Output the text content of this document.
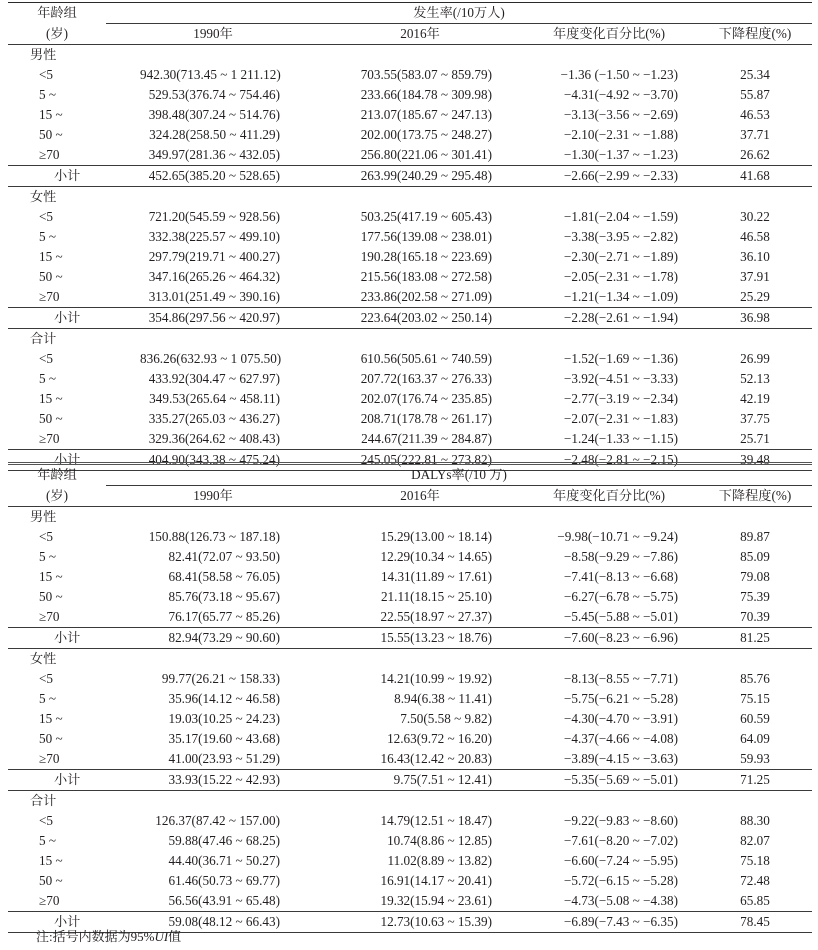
年龄组	发生率(/10万人)			
(岁)	1990年	2016年	年度变化百分比(%)	下降程度(%)
男性				
<5	942.30(713.45 ~ 1 211.12)	703.55(583.07 ~ 859.79)	−1.36 (−1.50 ~ −1.23)	25.34
5 ~	529.53(376.74 ~ 754.46)	233.66(184.78 ~ 309.98)	−4.31(−4.92 ~ −3.70)	55.87
15 ~	398.48(307.24 ~ 514.76)	213.07(185.67 ~ 247.13)	−3.13(−3.56 ~ −2.69)	46.53
50 ~	324.28(258.50 ~ 411.29)	202.00(173.75 ~ 248.27)	−2.10(−2.31 ~ −1.88)	37.71
≥70	349.97(281.36 ~ 432.05)	256.80(221.06 ~ 301.41)	−1.30(−1.37 ~ −1.23)	26.62
小计	452.65(385.20 ~ 528.65)	263.99(240.29 ~ 295.48)	−2.66(−2.99 ~ −2.33)	41.68
女性				
<5	721.20(545.59 ~ 928.56)	503.25(417.19 ~ 605.43)	−1.81(−2.04 ~ −1.59)	30.22
5 ~	332.38(225.57 ~ 499.10)	177.56(139.08 ~ 238.01)	−3.38(−3.95 ~ −2.82)	46.58
15 ~	297.79(219.71 ~ 400.27)	190.28(165.18 ~ 223.69)	−2.30(−2.71 ~ −1.89)	36.10
50 ~	347.16(265.26 ~ 464.32)	215.56(183.08 ~ 272.58)	−2.05(−2.31 ~ −1.78)	37.91
≥70	313.01(251.49 ~ 390.16)	233.86(202.58 ~ 271.09)	−1.21(−1.34 ~ −1.09)	25.29
小计	354.86(297.56 ~ 420.97)	223.64(203.02 ~ 250.14)	−2.28(−2.61 ~ −1.94)	36.98
合计				
<5	836.26(632.93 ~ 1 075.50)	610.56(505.61 ~ 740.59)	−1.52(−1.69 ~ −1.36)	26.99
5 ~	433.92(304.47 ~ 627.97)	207.72(163.37 ~ 276.33)	−3.92(−4.51 ~ −3.33)	52.13
15 ~	349.53(265.64 ~ 458.11)	202.07(176.74 ~ 235.85)	−2.77(−3.19 ~ −2.34)	42.19
50 ~	335.27(265.03 ~ 436.27)	208.71(178.78 ~ 261.17)	−2.07(−2.31 ~ −1.83)	37.75
≥70	329.36(264.62 ~ 408.43)	244.67(211.39 ~ 284.87)	−1.24(−1.33 ~ −1.15)	25.71
小计	404.90(343.38 ~ 475.24)	245.05(222.81 ~ 273.82)	−2.48(−2.81 ~ −2.15)	39.48
年龄组	DALYs率(/10 万)			
(岁)	1990年	2016年	年度变化百分比(%)	下降程度(%)
男性				
<5	150.88(126.73 ~ 187.18)	15.29(13.00 ~ 18.14)	−9.98(−10.71 ~ −9.24)	89.87
5 ~	82.41(72.07 ~ 93.50)	12.29(10.34 ~ 14.65)	−8.58(−9.29 ~ −7.86)	85.09
15 ~	68.41(58.58 ~ 76.05)	14.31(11.89 ~ 17.61)	−7.41(−8.13 ~ −6.68)	79.08
50 ~	85.76(73.18 ~ 95.67)	21.11(18.15 ~ 25.10)	−6.27(−6.78 ~ −5.75)	75.39
≥70	76.17(65.77 ~ 85.26)	22.55(18.97 ~ 27.37)	−5.45(−5.88 ~ −5.01)	70.39
小计	82.94(73.29 ~ 90.60)	15.55(13.23 ~ 18.76)	−7.60(−8.23 ~ −6.96)	81.25
女性				
<5	99.77(26.21 ~ 158.33)	14.21(10.99 ~ 19.92)	−8.13(−8.55 ~ −7.71)	85.76
5 ~	35.96(14.12 ~ 46.58)	8.94(6.38 ~ 11.41)	−5.75(−6.21 ~ −5.28)	75.15
15 ~	19.03(10.25 ~ 24.23)	7.50(5.58 ~ 9.82)	−4.30(−4.70 ~ −3.91)	60.59
50 ~	35.17(19.60 ~ 43.68)	12.63(9.72 ~ 16.20)	−4.37(−4.66 ~ −4.08)	64.09
≥70	41.00(23.93 ~ 51.29)	16.43(12.42 ~ 20.83)	−3.89(−4.15 ~ −3.63)	59.93
小计	33.93(15.22 ~ 42.93)	9.75(7.51 ~ 12.41)	−5.35(−5.69 ~ −5.01)	71.25
合计				
<5	126.37(87.42 ~ 157.00)	14.79(12.51 ~ 18.47)	−9.22(−9.83 ~ −8.60)	88.30
5 ~	59.88(47.46 ~ 68.25)	10.74(8.86 ~ 12.85)	−7.61(−8.20 ~ −7.02)	82.07
15 ~	44.40(36.71 ~ 50.27)	11.02(8.89 ~ 13.82)	−6.60(−7.24 ~ −5.95)	75.18
50 ~	61.46(50.73 ~ 69.77)	16.91(14.17 ~ 20.41)	−5.72(−6.15 ~ −5.28)	72.48
≥70	56.56(43.91 ~ 65.48)	19.32(15.94 ~ 23.61)	−4.73(−5.08 ~ −4.38)	65.85
小计	59.08(48.12 ~ 66.43)	12.73(10.63 ~ 15.39)	−6.89(−7.43 ~ −6.35)	78.45
注:括号内数据为95%UI值
